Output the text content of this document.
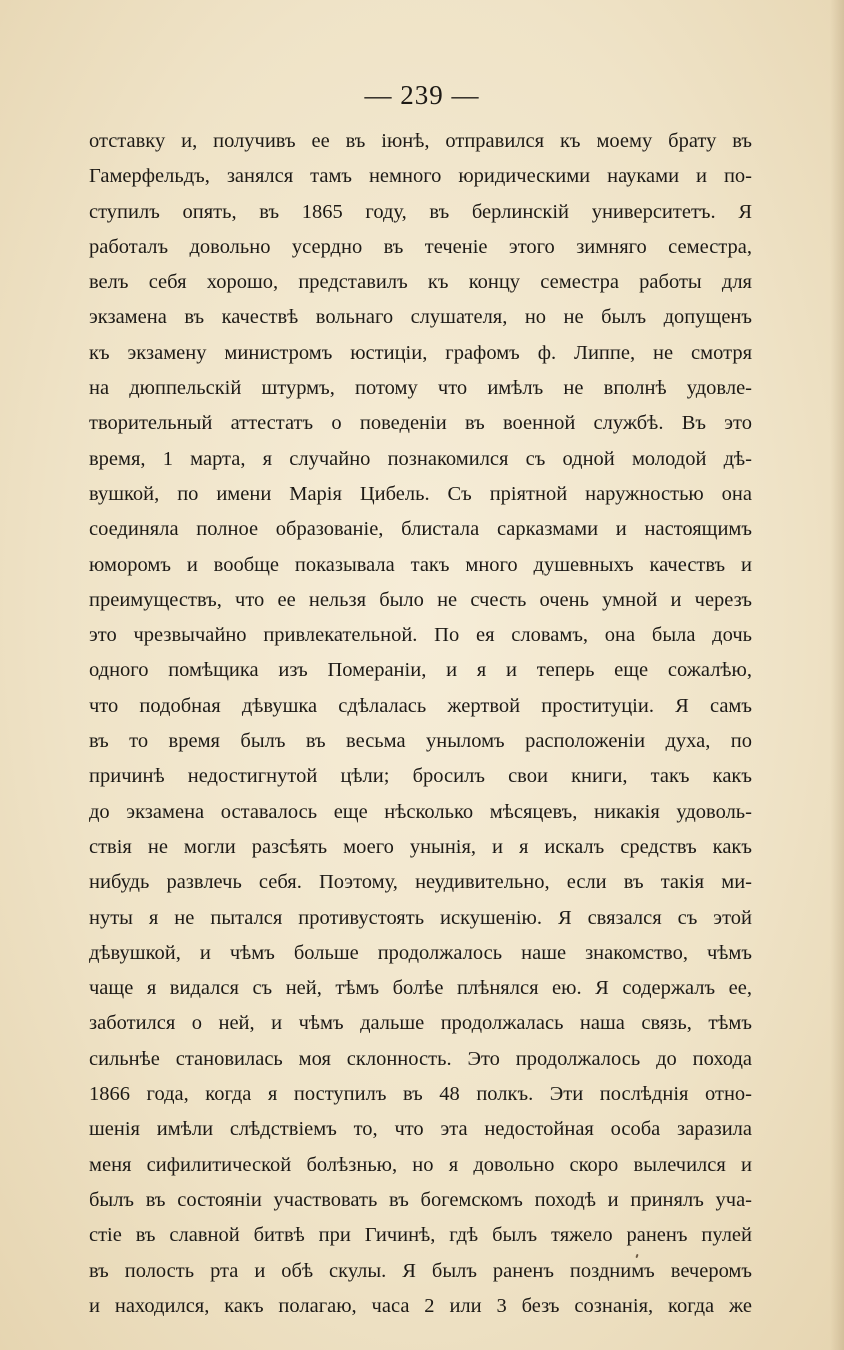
— 239 —
отставку и, получивъ ее въ іюнѣ, отправился къ моему брату въ
Гамерфельдъ, занялся тамъ немного юридическими науками и по-
ступилъ опять, въ 1865 году, въ берлинскій университетъ. Я
работалъ довольно усердно въ теченіе этого зимняго семестра,
велъ себя хорошо, представилъ къ концу семестра работы для
экзамена въ качествѣ вольнаго слушателя, но не былъ допущенъ
къ экзамену министромъ юстиціи, графомъ ф. Липпе, не смотря
на дюппельскій штурмъ, потому что имѣлъ не вполнѣ удовле-
творительный аттестатъ о поведеніи въ военной службѣ. Въ это
время, 1 марта, я случайно познакомился съ одной молодой дѣ-
вушкой, по имени Марія Цибель. Съ пріятной наружностью она
соединяла полное образованіе, блистала сарказмами и настоящимъ
юморомъ и вообще показывала такъ много душевныхъ качествъ и
преимуществъ, что ее нельзя было не счесть очень умной и черезъ
это чрезвычайно привлекательной. По ея словамъ, она была дочь
одного помѣщика изъ Помераніи, и я и теперь еще сожалѣю,
что подобная дѣвушка сдѣлалась жертвой проституціи. Я самъ
въ то время былъ въ весьма уныломъ расположеніи духа, по
причинѣ недостигнутой цѣли; бросилъ свои книги, такъ какъ
до экзамена оставалось еще нѣсколько мѣсяцевъ, никакія удоволь-
ствія не могли разсѣять моего унынія, и я искалъ средствъ какъ
нибудь развлечь себя. Поэтому, неудивительно, если въ такія ми-
нуты я не пытался противустоять искушенію. Я связался съ этой
дѣвушкой, и чѣмъ больше продолжалось наше знакомство, чѣмъ
чаще я видался съ ней, тѣмъ болѣе плѣнялся ею. Я содержалъ ее,
заботился о ней, и чѣмъ дальше продолжалась наша связь, тѣмъ
сильнѣе становилась моя склонность. Это продолжалось до похода
1866 года, когда я поступилъ въ 48 полкъ. Эти послѣднія отно-
шенія имѣли слѣдствіемъ то, что эта недостойная особа заразила
меня сифилитической болѣзнью, но я довольно скоро вылечился и
былъ въ состояніи участвовать въ богемскомъ походѣ и принялъ уча-
стіе въ славной битвѣ при Гичинѣ, гдѣ былъ тяжело раненъ пулей
въ полость рта и обѣ скулы. Я былъ раненъ позднимъ вечеромъ
и находился, какъ полагаю, часа 2 или 3 безъ сознанія, когда же
